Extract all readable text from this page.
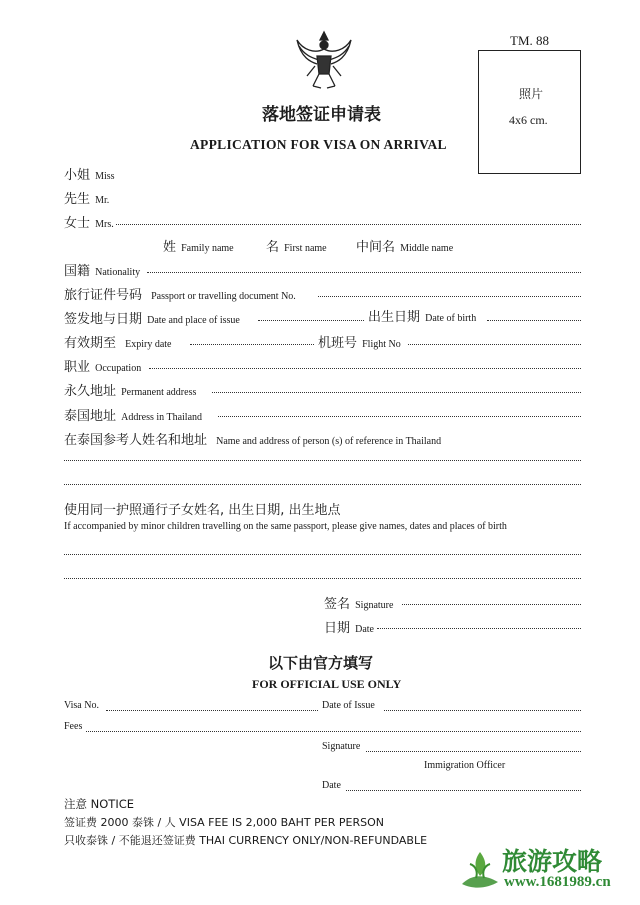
TM. 88
照片
4x6 cm.
落地签证申请表
APPLICATION FOR VISA ON ARRIVAL
小姐 Miss
先生 Mr.
女士 Mrs.
姓 Family name 名 First name 中间名 Middle name
国籍 Nationality
旅行证件号码 Passport or travelling document No.
签发地与日期 Date and place of issue	出生日期 Date of birth
有效期至 Expiry date	机班号 Flight No
职业 Occupation
永久地址 Permanent address
泰国地址 Address in Thailand
在泰国参考人姓名和地址 Name and address of person (s) of reference in Thailand
使用同一护照通行子女姓名, 出生日期, 出生地点
If accompanied by minor children travelling on the same passport, please give names, dates and places of birth
签名 Signature
日期 Date
以下由官方填写
FOR OFFICIAL USE ONLY
Visa No.	Date of Issue
Fees
Signature
Immigration Officer
Date
注意 NOTICE
签证费 2000 泰铢 / 人 VISA FEE IS 2,000 BAHT PER PERSON
只收泰铢 / 不能退还签证费 THAI CURRENCY ONLY/NON-REFUNDABLE
旅游攻略
www.1681989.cn
